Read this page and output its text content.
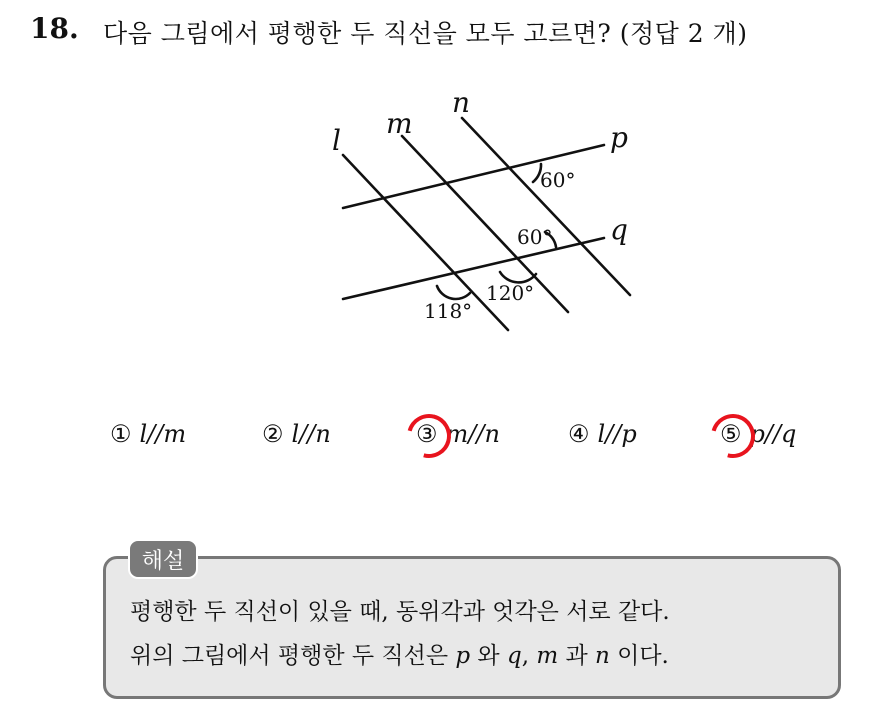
18. 다음 그림에서 평행한 두 직선을 모두 고르면? (정답 2 개)
l
m
n
p
q
60°
60°
120°
118°
① l//m	② l//n	③ m//n	④ l//p	⑤ p//q
해설
평행한 두 직선이 있을 때, 동위각과 엇각은 서로 같다.
위의 그림에서 평행한 두 직선은 p 와 q, m 과 n 이다.
